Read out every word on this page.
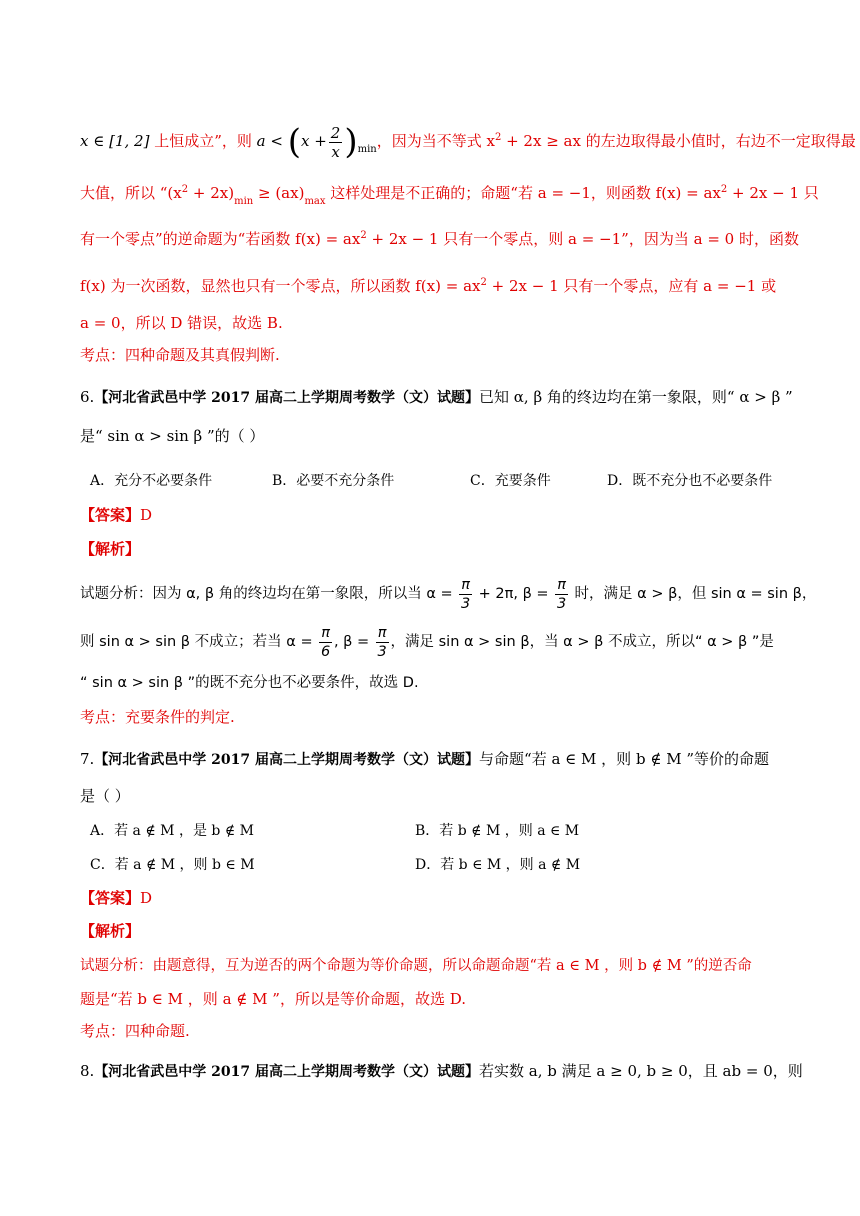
x ∈ [1, 2] 上恒成立”，则 $a < (x + \frac{2}{x} )_{min}$，因为当不等式 $x^2 + 2x$ ≥ ax 的左边取得最小值时，右边不一定取得最
大值，所以 “$(x^2 + 2x)_{min} \ge (ax)_{max}$ 这样处理是不正确的；命题“若 a = −1，则函数 $f(x) = ax^2 + 2x - 1$ 只
有一个零点”的逆命题为“若函数 $f(x) = ax^2 + 2x - 1$ 只有一个零点，则 a = −1”，因为当 a = 0 时，函数
f(x) 为一次函数，显然也只有一个零点，所以函数 $f(x) = ax^2 + 2x - 1$ 只有一个零点，应有 a = −1 或
a = 0，所以 D 错误，故选 B.
考点：四种命题及其真假判断.
6.【河北省武邑中学 2017 届高二上学期周考数学（文）试题】已知 α, β 角的终边均在第一象限，则“ α > β ”
是“ sin α > sin β ”的（ ）
A．充分不必要条件	B．必要不充分条件	C．充要条件	D．既不充分也不必要条件
【答案】D
【解析】
试题分析：因为 α, β 角的终边均在第一象限，所以当 $\alpha = \frac{\pi}{3} + 2\pi$, $\beta = \frac{\pi}{3}$ 时，满足 α > β，但 sin α = sin β，
则 sin α > sin β 不成立；若当 $\alpha = \frac{\pi}{6}$ , $\beta = \frac{\pi}{3}$ ，满足 sin α > sin β，当 α > β 不成立，所以“ α > β ”是
“ sin α > sin β ”的既不充分也不必要条件，故选 D.
考点：充要条件的判定.
7.【河北省武邑中学 2017 届高二上学期周考数学（文）试题】与命题“若 a ∈ M ，则 b ∉ M ”等价的命题
是（ ）
A．若 a ∉ M ，是 b ∉ M	B．若 b ∉ M ，则 a ∈ M
C．若 a ∉ M ，则 b ∈ M	D．若 b ∈ M ，则 a ∉ M
【答案】D
【解析】
试题分析：由题意得，互为逆否的两个命题为等价命题，所以命题命题“若 a ∈ M ，则 b ∉ M ”的逆否命
题是“若 b ∈ M ，则 a ∉ M ”，所以是等价命题，故选 D.
考点：四种命题.
8.【河北省武邑中学 2017 届高二上学期周考数学（文）试题】若实数 a, b 满足 a ≥ 0, b ≥ 0，且 ab = 0，则
